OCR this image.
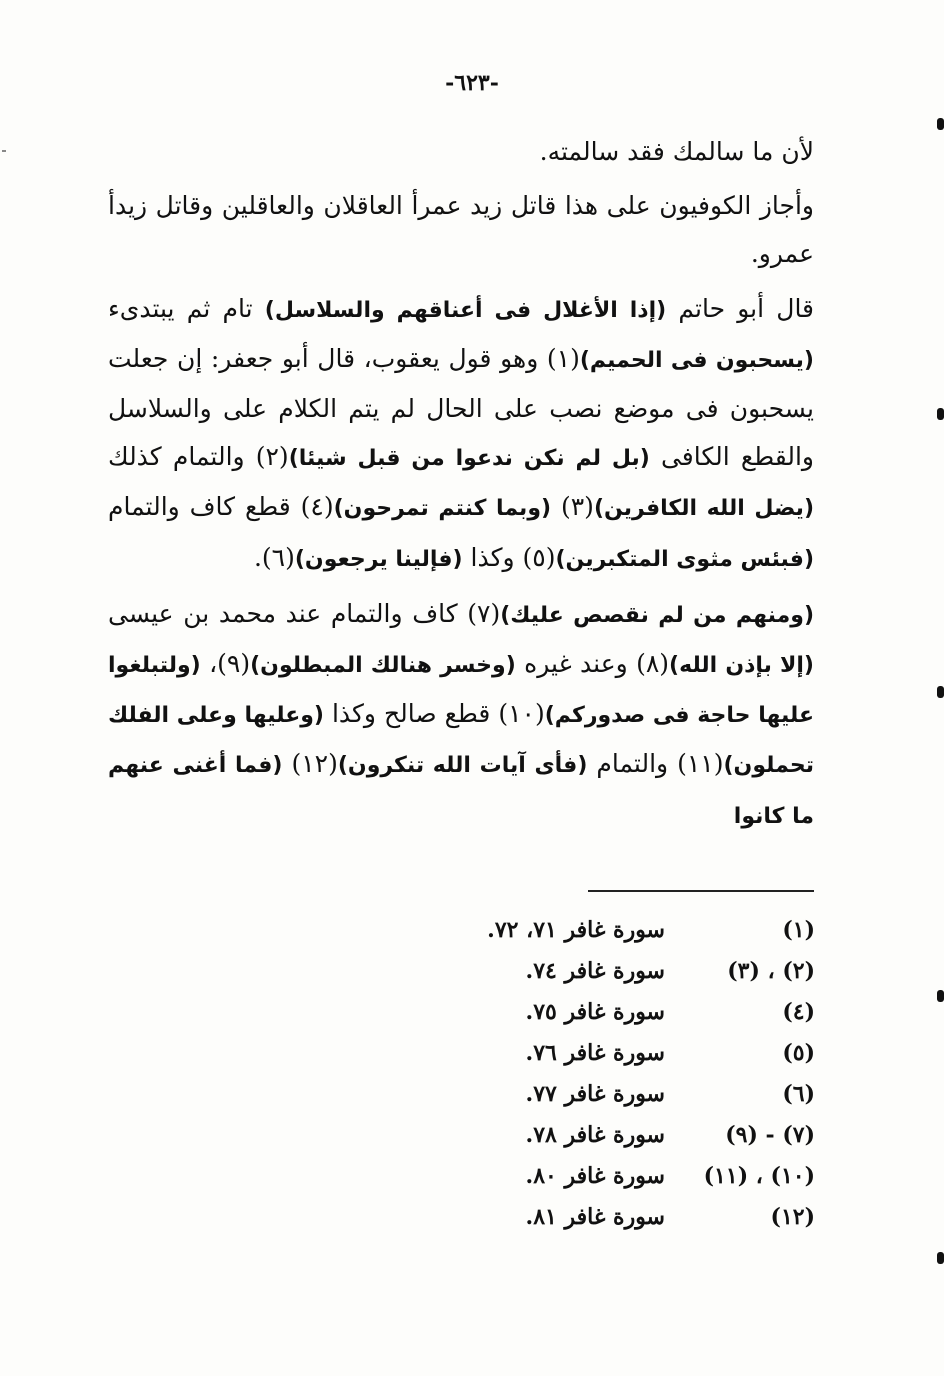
-٦٢٣-

لأن ما سالمك فقد سالمته.

وأجاز الكوفيون على هذا قاتل زيد عمرأ العاقلان والعاقلين وقاتل زيدأ عمرو.

قال أبو حاتم (إذا الأغلال فى أعناقهم والسلاسل) تام ثم يبتدىء (يسحبون فى الحميم)(١) وهو قول يعقوب، قال أبو جعفر: إن جعلت يسحبون فى موضع نصب على الحال لم يتم الكلام على والسلاسل والقطع الكافى (بل لم نكن ندعوا من قبل شيئا)(٢) والتمام كذلك (يضل الله الكافرين)(٣) (وبما كنتم تمرحون)(٤) قطع كاف والتمام (فبئس مثوى المتكبرين)(٥) وكذا (فإلينا يرجعون)(٦).

(ومنهم من لم نقصص عليك)(٧) كاف والتمام عند محمد بن عيسى (إلا بإذن الله)(٨) وعند غيره (وخسر هنالك المبطلون)(٩)، (ولتبلغوا عليها حاجة فى صدوركم)(١٠) قطع صالح وكذا (وعليها وعلى الفلك تحملون)(١١) والتمام (فأى آيات الله تنكرون)(١٢) (فما أغنى عنهم ما كانوا

(١)
سورة غافر ٧١، ٧٢.
(٢) ، (٣)
سورة غافر ٧٤.
(٤)
سورة غافر ٧٥.
(٥)
سورة غافر ٧٦.
(٦)
سورة غافر ٧٧.
(٧) - (٩)
سورة غافر ٧٨.
(١٠) ، (١١)
سورة غافر ٨٠.
(١٢)
سورة غافر ٨١.
